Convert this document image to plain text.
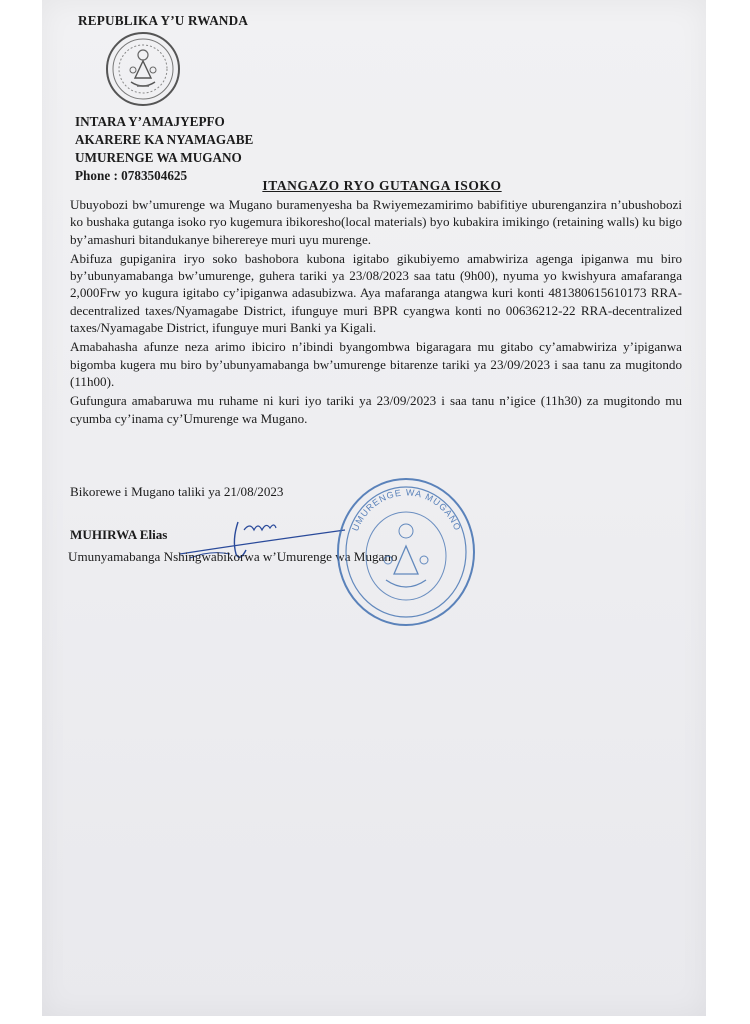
REPUBLIKA Y’U RWANDA
INTARA Y’AMAJYEPFO
AKARERE KA NYAMAGABE
UMURENGE WA MUGANO
Phone : 0783504625
ITANGAZO RYO GUTANGA ISOKO

Ubuyobozi bw’umurenge wa Mugano buramenyesha ba Rwiyemezamirimo babifitiye uburenganzira n’ubushobozi ko bushaka gutanga isoko ryo kugemura ibikoresho(local materials) byo kubakira imikingo (retaining walls) ku bigo by’amashuri bitandukanye biherereye muri uyu murenge.

Abifuza gupiganira iryo soko bashobora kubona igitabo gikubiyemo amabwiriza agenga ipiganwa mu biro by’ubunyamabanga bw’umurenge, guhera tariki ya 23/08/2023 saa tatu (9h00), nyuma yo kwishyura amafaranga 2,000Frw yo kugura igitabo cy’ipiganwa adasubizwa. Aya mafaranga atangwa kuri konti 481380615610173 RRA-decentralized taxes/Nyamagabe District, ifunguye muri BPR cyangwa konti no 00636212-22 RRA-decentralized taxes/Nyamagabe District, ifunguye muri Banki ya Kigali.

Amabahasha afunze neza arimo ibiciro n’ibindi byangombwa bigaragara mu gitabo cy’amabwiriza y’ipiganwa bigomba kugera mu biro by’ubunyamabanga bw’umurenge bitarenze tariki ya 23/09/2023 i saa tanu za mugitondo (11h00).

Gufungura amabaruwa mu ruhame ni kuri iyo tariki ya 23/09/2023 i saa tanu n’igice (11h30) za mugitondo mu cyumba cy’inama cy’Umurenge wa Mugano.

Bikorewe i Mugano taliki ya 21/08/2023
MUHIRWA Elias
Umunyamabanga Nshingwabikorwa w’Umurenge wa Mugano
UMURENGE WA MUGANO
